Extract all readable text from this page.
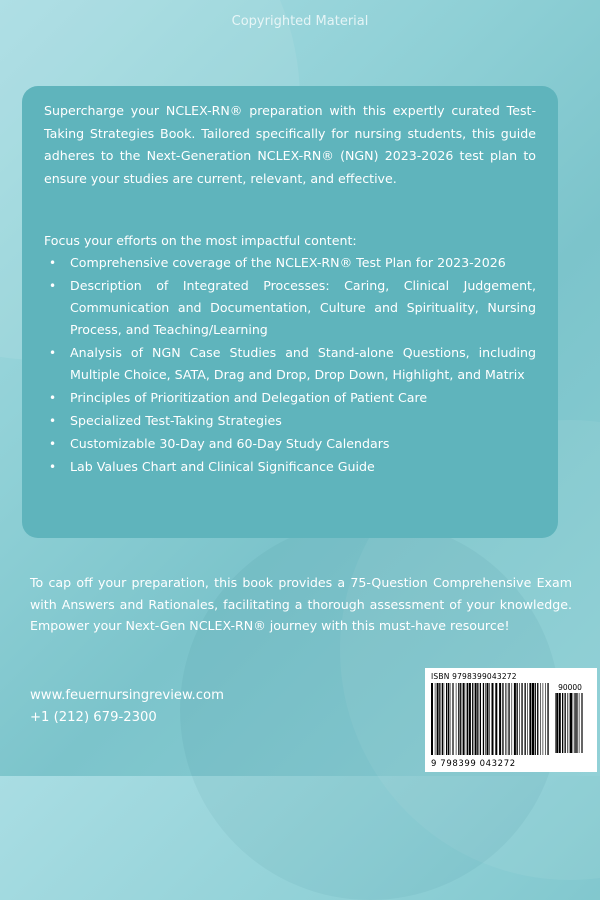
Copyrighted Material

Supercharge your NCLEX-RN® preparation with this expertly curated Test-Taking Strategies Book. Tailored specifically for nursing students, this guide adheres to the Next-Generation NCLEX-RN® (NGN) 2023-2026 test plan to ensure your studies are current, relevant, and effective.

Focus your efforts on the most impactful content:

• Comprehensive coverage of the NCLEX-RN® Test Plan for 2023-2026
• Description of Integrated Processes: Caring, Clinical Judgement, Communication and Documentation, Culture and Spirituality, Nursing Process, and Teaching/Learning
• Analysis of NGN Case Studies and Stand-alone Questions, including Multiple Choice, SATA, Drag and Drop, Drop Down, Highlight, and Matrix
• Principles of Prioritization and Delegation of Patient Care
• Specialized Test-Taking Strategies
• Customizable 30-Day and 60-Day Study Calendars
• Lab Values Chart and Clinical Significance Guide

To cap off your preparation, this book provides a 75-Question Comprehensive Exam with Answers and Rationales, facilitating a thorough assessment of your knowledge. Empower your Next-Gen NCLEX-RN® journey with this must-have resource!

www.feuernursingreview.com
+1 (212) 679-2300
ISBN 9798399043272
9 798399 043272
90000
